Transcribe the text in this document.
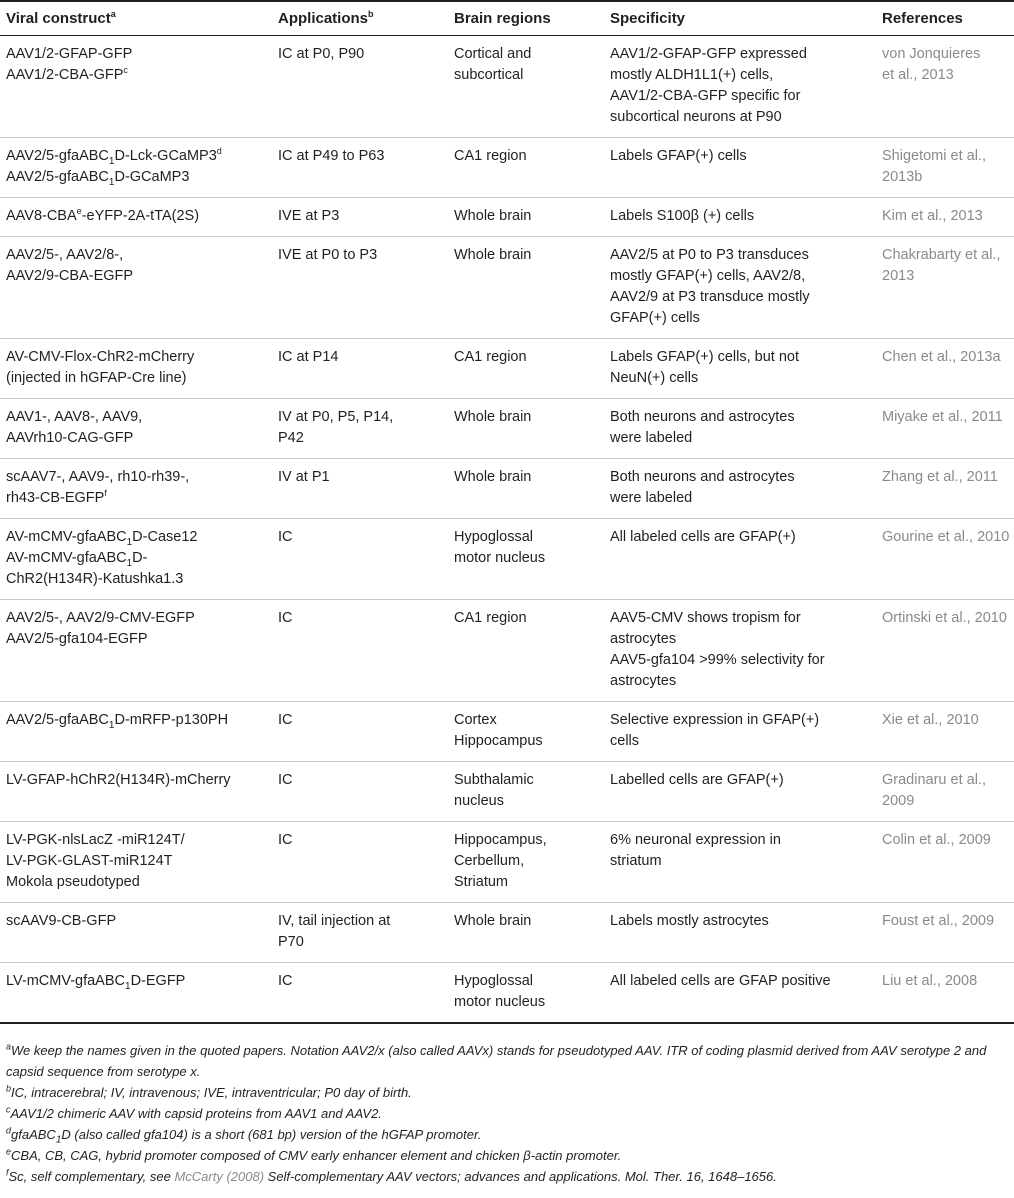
Viral construct$^a$	Applications$^b$	Brain regions	Specificity	References

AAV1/2-GFAP-GFP
AAV1/2-CBA-GFP$^c$	IC at P0, P90	Cortical and
subcortical	AAV1/2-GFAP-GFP expressed
mostly ALDH1L1(+) cells,
AAV1/2-CBA-GFP specific for
subcortical neurons at P90	von Jonquieres
et al., 2013

$AAV2/5-gfaABC_1D-Lck-GCaMP3^d$
AAV2/5-gfaABC$_1$D-GCaMP3	IC at P49 to P63	CA1 region	Labels GFAP(+) cells	Shigetomi et al.,
2013b

AAV8-CBA$^e$-eYFP-2A-tTA(2S)	IVE at P3	Whole brain	Labels S100β (+) cells	Kim et al., 2013

AAV2/5-, AAV2/8-,
AAV2/9-CBA-EGFP	IVE at P0 to P3	Whole brain	AAV2/5 at P0 to P3 transduces
mostly GFAP(+) cells, AAV2/8,
AAV2/9 at P3 transduce mostly
GFAP(+) cells	Chakrabarty et al.,
2013

AV-CMV-Flox-ChR2-mCherry
(injected in hGFAP-Cre line)	IC at P14	CA1 region	Labels GFAP(+) cells, but not
NeuN(+) cells	Chen et al., 2013a

AAV1-, AAV8-, AAV9,
AAVrh10-CAG-GFP	IV at P0, P5, P14,
P42	Whole brain	Both neurons and astrocytes
were labeled	Miyake et al., 2011

scAAV7-, AAV9-, rh10-rh39-,
rh43-CB-EGFP$^f$	IV at P1	Whole brain	Both neurons and astrocytes
were labeled	Zhang et al., 2011

AV-mCMV-gfaABC$_1$D-Case12
AV-mCMV-gfaABC$_1$D-
ChR2(H134R)-Katushka1.3	IC	Hypoglossal
motor nucleus	All labeled cells are GFAP(+)	Gourine et al., 2010

AAV2/5-, AAV2/9-CMV-EGFP
AAV2/5-gfa104-EGFP	IC	CA1 region	AAV5-CMV shows tropism for
astrocytes
AAV5-gfa104 >99% selectivity for
astrocytes	Ortinski et al., 2010

AAV2/5-gfaABC$_1$D-mRFP-p130PH	IC	Cortex
Hippocampus	Selective expression in GFAP(+)
cells	Xie et al., 2010

LV-GFAP-hChR2(H134R)-mCherry	IC	Subthalamic
nucleus	Labelled cells are GFAP(+)	Gradinaru et al.,
2009

LV-PGK-nlsLacZ -miR124T/
LV-PGK-GLAST-miR124T
Mokola pseudotyped	IC	Hippocampus,
Cerbellum,
Striatum	6% neuronal expression in
striatum	Colin et al., 2009

scAAV9-CB-GFP	IV, tail injection at
P70	Whole brain	Labels mostly astrocytes	Foust et al., 2009

LV-mCMV-gfaABC$_1$D-EGFP	IC	Hypoglossal
motor nucleus	All labeled cells are GFAP positive	Liu et al., 2008
$^a$We keep the names given in the quoted papers. Notation AAV2/x (also called AAVx) stands for pseudotyped AAV. ITR of coding plasmid derived from AAV serotype 2 and capsid sequence from serotype x.
$^b$IC, intracerebral; IV, intravenous; IVE, intraventricular; P0 day of birth.
$^c$AAV1/2 chimeric AAV with capsid proteins from AAV1 and AAV2.
$^d$gfaABC$_1$D (also called gfa104) is a short (681 bp) version of the hGFAP promoter.
$^e$CBA, CB, CAG, hybrid promoter composed of CMV early enhancer element and chicken β-actin promoter.
$^f$Sc, self complementary, see McCarty (2008) Self-complementary AAV vectors; advances and applications. Mol. Ther. 16, 1648–1656.
